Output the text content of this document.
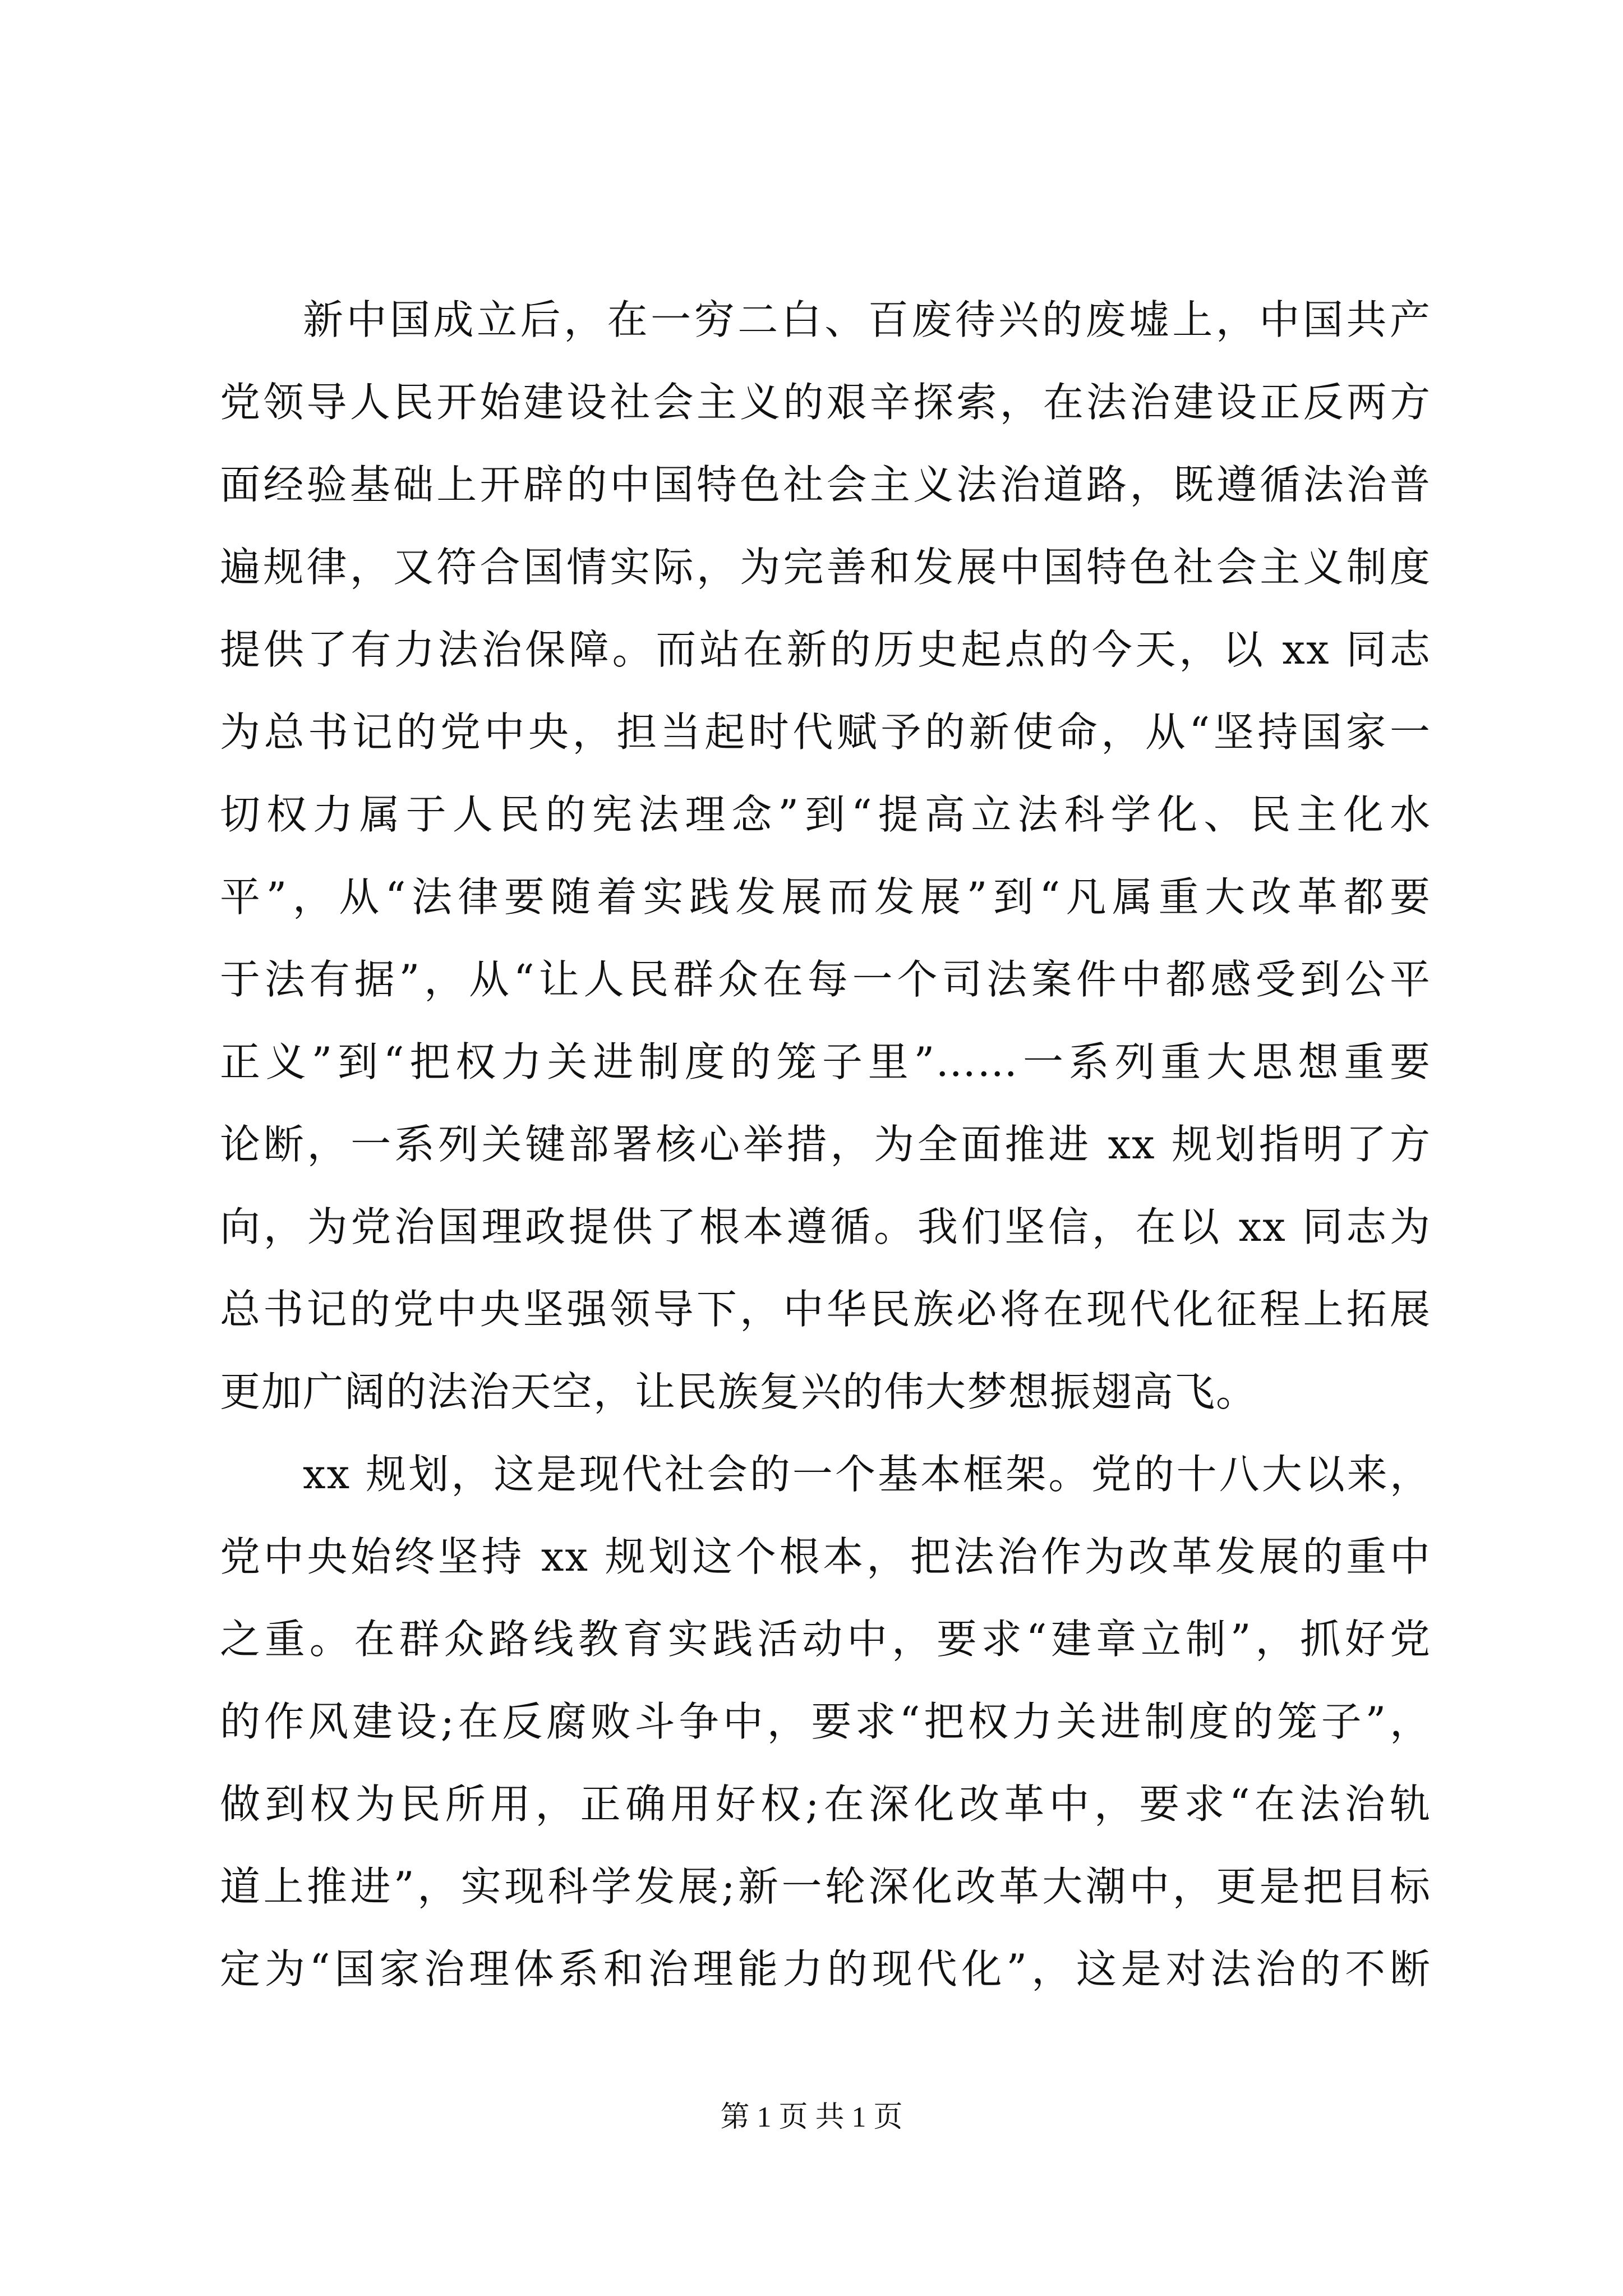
新中国成立后，在一穷二白、百废待兴的废墟上，中国共产
党领导人民开始建设社会主义的艰辛探索，在法治建设正反两方
面经验基础上开辟的中国特色社会主义法治道路，既遵循法治普
遍规律，又符合国情实际，为完善和发展中国特色社会主义制度
提供了有力法治保障。而站在新的历史起点的今天，以 xx 同志
为总书记的党中央，担当起时代赋予的新使命，从“坚持国家一
切权力属于人民的宪法理念”到“提高立法科学化、民主化水
平”，从“法律要随着实践发展而发展”到“凡属重大改革都要
于法有据”，从“让人民群众在每一个司法案件中都感受到公平
正义”到“把权力关进制度的笼子里”……一系列重大思想重要
论断，一系列关键部署核心举措，为全面推进 xx 规划指明了方
向，为党治国理政提供了根本遵循。我们坚信，在以 xx 同志为
总书记的党中央坚强领导下，中华民族必将在现代化征程上拓展
更加广阔的法治天空，让民族复兴的伟大梦想振翅高飞。
xx 规划，这是现代社会的一个基本框架。党的十八大以来，
党中央始终坚持 xx 规划这个根本，把法治作为改革发展的重中
之重。在群众路线教育实践活动中，要求“建章立制”，抓好党
的作风建设;在反腐败斗争中，要求“把权力关进制度的笼子”，
做到权为民所用，正确用好权;在深化改革中，要求“在法治轨
道上推进”，实现科学发展;新一轮深化改革大潮中，更是把目标
定为“国家治理体系和治理能力的现代化”，这是对法治的不断
第 1 页 共 1 页
